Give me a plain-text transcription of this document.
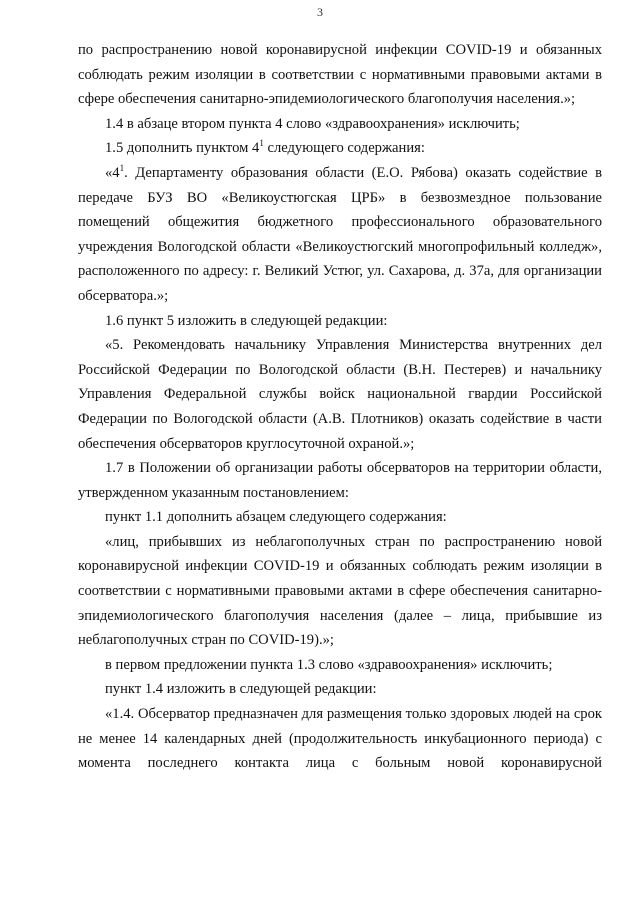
3

по распространению новой коронавирусной инфекции COVID-19 и обязанных соблюдать режим изоляции в соответствии с нормативными правовыми актами в сфере обеспечения санитарно-эпидемиологического благополучия населения.»;

1.4 в абзаце втором пункта 4 слово «здравоохранения» исключить;

1.5 дополнить пунктом $4^1$ следующего содержания:

«$4^1$. Департаменту образования области (Е.О. Рябова) оказать содействие в передаче БУЗ ВО «Великоустюгская ЦРБ» в безвозмездное пользование помещений общежития бюджетного профессионального образовательного учреждения Вологодской области «Великоустюгский многопрофильный колледж», расположенного по адресу: г. Великий Устюг, ул. Сахарова, д. 37а, для организации обсерватора.»;

1.6 пункт 5 изложить в следующей редакции:

«5. Рекомендовать начальнику Управления Министерства внутренних дел Российской Федерации по Вологодской области (В.Н. Пестерев) и начальнику Управления Федеральной службы войск национальной гвардии Российской Федерации по Вологодской области (А.В. Плотников) оказать содействие в части обеспечения обсерваторов круглосуточной охраной.»;

1.7 в Положении об организации работы обсерваторов на территории области, утвержденном указанным постановлением:

пункт 1.1 дополнить абзацем следующего содержания:

«лиц, прибывших из неблагополучных стран по распространению новой коронавирусной инфекции COVID-19 и обязанных соблюдать режим изоляции в соответствии с нормативными правовыми актами в сфере обеспечения санитарно-эпидемиологического благополучия населения (далее – лица, прибывшие из неблагополучных стран по COVID-19).»;

в первом предложении пункта 1.3 слово «здравоохранения» исключить;

пункт 1.4 изложить в следующей редакции:

«1.4. Обсерватор предназначен для размещения только здоровых людей на срок не менее 14 календарных дней (продолжительность инкубационного периода) с момента последнего контакта лица с больным новой коронавирусной
